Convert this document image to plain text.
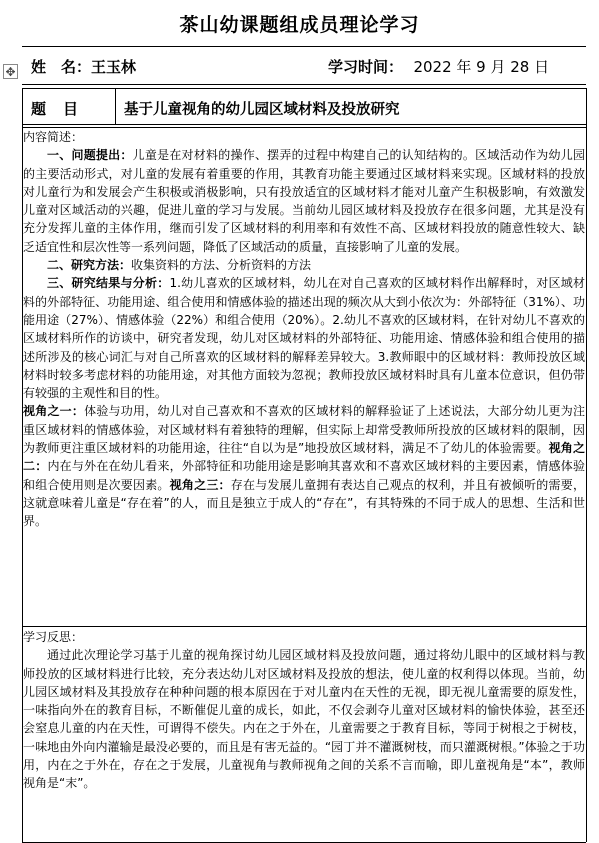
茶山幼课题组成员理论学习
✥ 姓　名：王玉林	学习时间： 2022 年 9 月 28 日
题目 基于儿童视角的幼儿园区域材料及投放研究

内容简述：

一、问题提出：儿童是在对材料的操作、摆弄的过程中构建自己的认知结构的。区域活动作为幼儿园的主要活动形式，对儿童的发展有着重要的作用，其教育功能主要通过区域材料来实现。区域材料的投放对儿童行为和发展会产生积极或消极影响，只有投放适宜的区域材料才能对儿童产生积极影响，有效激发儿童对区域活动的兴趣，促进儿童的学习与发展。当前幼儿园区域材料及投放存在很多问题，尤其是没有充分发挥儿童的主体作用，继而引发了区域材料的利用率和有效性不高、区域材料投放的随意性较大、缺乏适宜性和层次性等一系列问题，降低了区域活动的质量，直接影响了儿童的发展。

二、研究方法：收集资料的方法、分析资料的方法

三、研究结果与分析：1.幼儿喜欢的区域材料，幼儿在对自己喜欢的区域材料作出解释时，对区域材料的外部特征、功能用途、组合使用和情感体验的描述出现的频次从大到小依次为：外部特征（31%）、功能用途（27%）、情感体验（22%）和组合使用（20%）。2.幼儿不喜欢的区域材料，在针对幼儿不喜欢的区域材料所作的访谈中，研究者发现，幼儿对区域材料的外部特征、功能用途、情感体验和组合使用的描述所涉及的核心词汇与对自己所喜欢的区域材料的解释差异较大。3.教师眼中的区域材料：教师投放区域材料时较多考虑材料的功能用途，对其他方面较为忽视；教师投放区域材料时具有儿童本位意识，但仍带有较强的主观性和目的性。

视角之一：体验与功用，幼儿对自己喜欢和不喜欢的区域材料的解释验证了上述说法，大部分幼儿更为注重区域材料的情感体验，对区域材料有着独特的理解，但实际上却常受教师所投放的区域材料的限制，因为教师更注重区域材料的功能用途，往往“自以为是”地投放区域材料，满足不了幼儿的体验需要。视角之二：内在与外在在幼儿看来，外部特征和功能用途是影响其喜欢和不喜欢区域材料的主要因素，情感体验和组合使用则是次要因素。视角之三：存在与发展儿童拥有表达自己观点的权利，并且有被倾听的需要，这就意味着儿童是“存在着”的人，而且是独立于成人的“存在”，有其特殊的不同于成人的思想、生活和世界。

学习反思：

通过此次理论学习基于儿童的视角探讨幼儿园区域材料及投放问题，通过将幼儿眼中的区域材料与教师投放的区域材料进行比较，充分表达幼儿对区域材料及投放的想法，使儿童的权利得以体现。当前，幼儿园区域材料及其投放存在种种问题的根本原因在于对儿童内在天性的无视，即无视儿童需要的原发性，一味指向外在的教育目标，不断催促儿童的成长，如此，不仅会剥夺儿童对区域材料的愉快体验，甚至还会窒息儿童的内在天性，可谓得不偿失。内在之于外在，儿童需要之于教育目标，等同于树根之于树枝，一味地由外向内灌输是最没必要的，而且是有害无益的。“园丁并不灌溉树枝，而只灌溉树根。”体验之于功用，内在之于外在，存在之于发展，儿童视角与教师视角之间的关系不言而喻，即儿童视角是“本”，教师视角是“末”。
